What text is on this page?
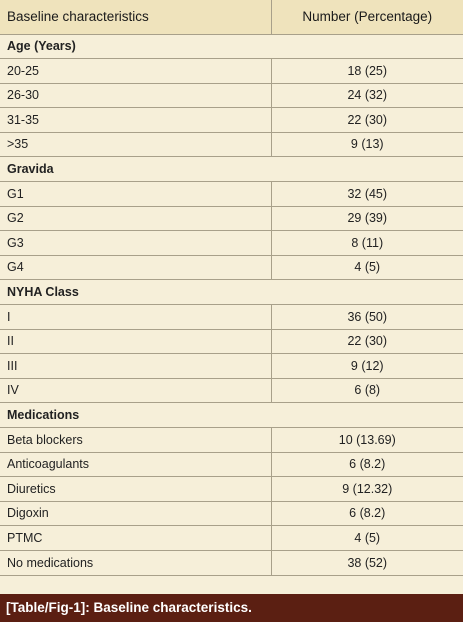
Baseline characteristics	Number (Percentage)
Age (Years)	
20-25	18 (25)
26-30	24 (32)
31-35	22 (30)
>35	9 (13)
Gravida	
G1	32 (45)
G2	29 (39)
G3	8 (11)
G4	4 (5)
NYHA Class	
I	36 (50)
II	22 (30)
III	9 (12)
IV	6 (8)
Medications	
Beta blockers	10 (13.69)
Anticoagulants	6 (8.2)
Diuretics	9 (12.32)
Digoxin	6 (8.2)
PTMC	4 (5)
No medications	38 (52)
[Table/Fig-1]: Baseline characteristics.
